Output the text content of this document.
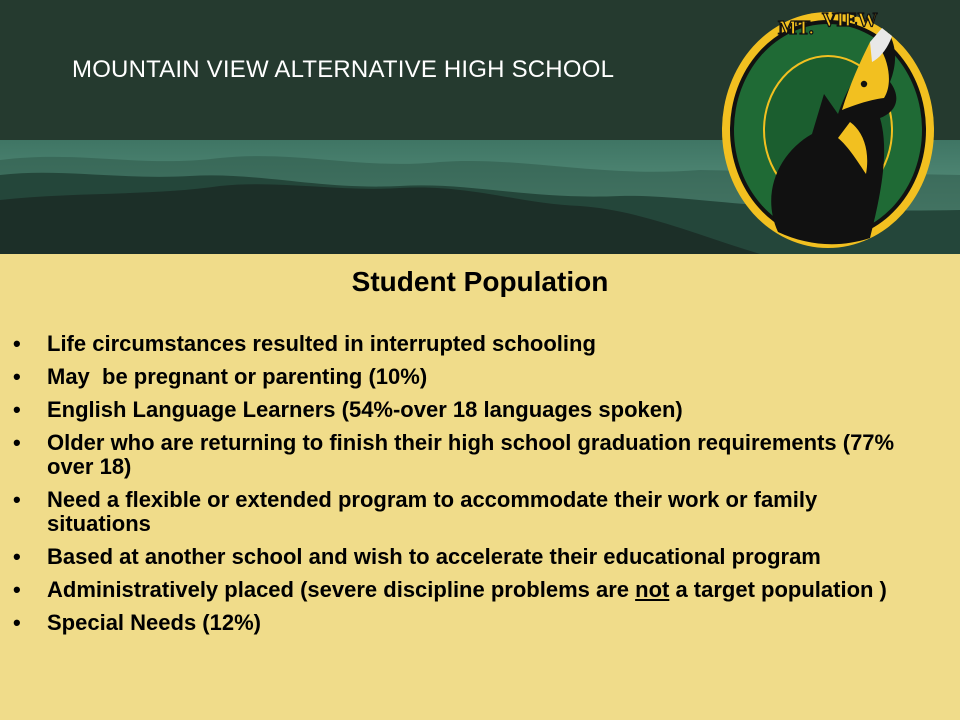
MOUNTAIN VIEW ALTERNATIVE HIGH SCHOOL
MT. VIEW
Student Population
• Life circumstances resulted in interrupted schooling
• May  be pregnant or parenting (10%)
• English Language Learners (54%-over 18 languages spoken)
• Older who are returning to finish their high school graduation requirements (77% over 18)
• Need a flexible or extended program to accommodate their work or family situations
• Based at another school and wish to accelerate their educational program
• Administratively placed (severe discipline problems are not a target population )
• Special Needs (12%)
